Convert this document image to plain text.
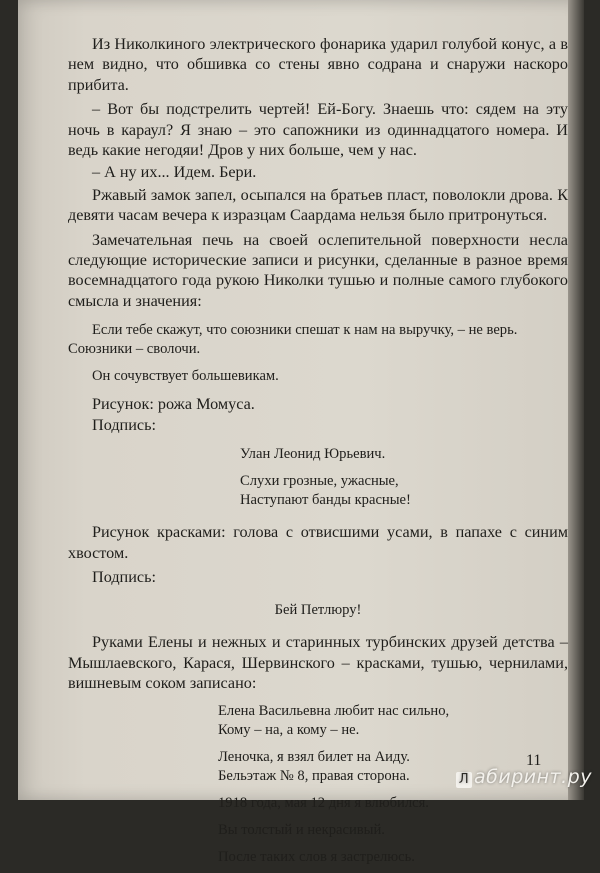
Из Николкиного электрического фонарика ударил голубой конус, а в нем видно, что обшивка со стены явно содрана и снаружи наскоро прибита.

– Вот бы подстрелить чертей! Ей-Богу. Знаешь что: сядем на эту ночь в караул? Я знаю – это сапожники из одиннадцатого номера. И ведь какие негодяи! Дров у них больше, чем у нас.

– А ну их... Идем. Бери.

Ржавый замок запел, осыпался на братьев пласт, поволокли дрова. К девяти часам вечера к изразцам Саардама нельзя было притронуться.

Замечательная печь на своей ослепительной поверхности несла следующие исторические записи и рисунки, сделанные в разное время восемнадцатого года рукою Николки тушью и полные самого глубокого смысла и значения:

Если тебе скажут, что союзники спешат к нам на выручку, – не верь. Союзники – сволочи.

Он сочувствует большевикам.

Рисунок: рожа Момуса.

Подпись:

Улан Леонид Юрьевич.

Слухи грозные, ужасные,

Наступают банды красные!

Рисунок красками: голова с отвисшими усами, в папахе с синим хвостом.

Подпись:

Бей Петлюру!

Руками Елены и нежных и старинных турбинских друзей детства – Мышлаевского, Карася, Шервинского – красками, тушью, чернилами, вишневым соком записано:

Елена Васильевна любит нас сильно,

Кому – на, а кому – не.

Леночка, я взял билет на Аиду.

Бельэтаж № 8, правая сторона.

1918 года, мая 12 дня я влюбился.

Вы толстый и некрасивый.

После таких слов я застрелюсь.

11
Л абиринт.ру
